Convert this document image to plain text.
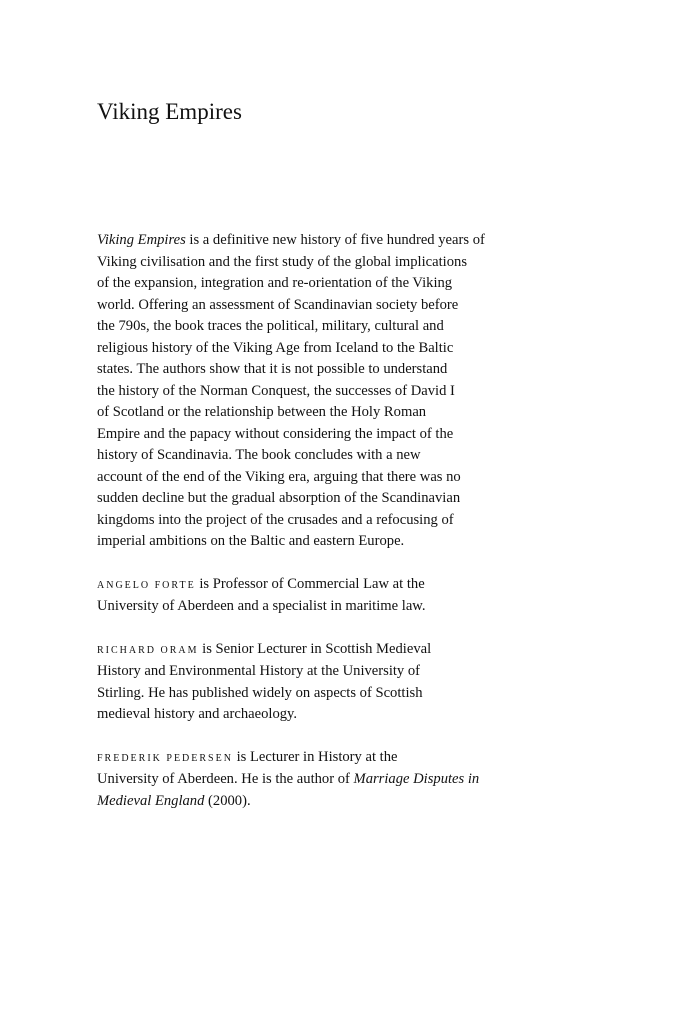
Viking Empires

Viking Empires is a definitive new history of five hundred years of
Viking civilisation and the first study of the global implications
of the expansion, integration and re-orientation of the Viking
world. Offering an assessment of Scandinavian society before
the 790s, the book traces the political, military, cultural and
religious history of the Viking Age from Iceland to the Baltic
states. The authors show that it is not possible to understand
the history of the Norman Conquest, the successes of David I
of Scotland or the relationship between the Holy Roman
Empire and the papacy without considering the impact of the
history of Scandinavia. The book concludes with a new
account of the end of the Viking era, arguing that there was no
sudden decline but the gradual absorption of the Scandinavian
kingdoms into the project of the crusades and a refocusing of
imperial ambitions on the Baltic and eastern Europe.

ANGELO FORTE is Professor of Commercial Law at the
University of Aberdeen and a specialist in maritime law.

RICHARD ORAM is Senior Lecturer in Scottish Medieval
History and Environmental History at the University of
Stirling. He has published widely on aspects of Scottish
medieval history and archaeology.

FREDERIK PEDERSEN is Lecturer in History at the
University of Aberdeen. He is the author of Marriage Disputes in
Medieval England (2000).
